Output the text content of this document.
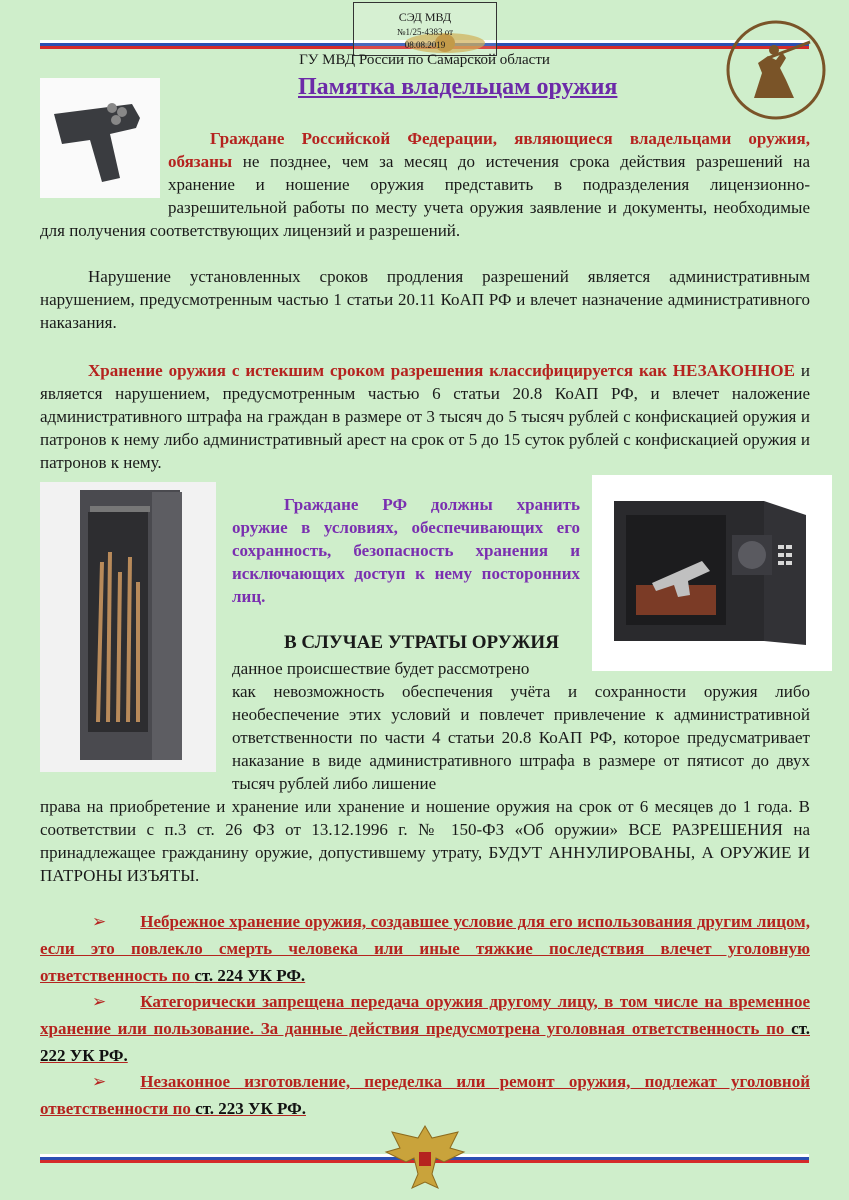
СЭД МВД
№1/25-4383 от
08.08.2019
ГУ МВД России по Самарской области
Памятка владельцам оружия
Граждане Российской Федерации, являющиеся владельцами оружия, обязаны не позднее, чем за месяц до истечения срока действия разрешений на хранение и ношение оружия представить в подразделения лицензионно-разрешительной работы по месту учета оружия заявление и документы, необходимые для получения соответствующих лицензий и разрешений.
Нарушение установленных сроков продления разрешений является административным нарушением, предусмотренным частью 1 статьи 20.11 КоАП РФ и влечет назначение административного наказания.
Хранение оружия с истекшим сроком разрешения классифицируется как НЕЗАКОННОЕ и является нарушением, предусмотренным частью 6 статьи 20.8 КоАП РФ, и влечет наложение административного штрафа на граждан в размере от 3 тысяч до 5 тысяч рублей с конфискацией оружия и патронов к нему либо административный арест на срок от 5 до 15 суток рублей с конфискацией оружия и патронов к нему.
Граждане РФ должны хранить оружие в условиях, обеспечивающих его сохранность, безопасность хранения и исключающих доступ к нему посторонних лиц.
В СЛУЧАЕ УТРАТЫ ОРУЖИЯ
данное происшествие будет рассмотрено
как невозможность обеспечения учёта и сохранности оружия либо необеспечение этих условий и повлечет привлечение к административной ответственности по части 4 статьи 20.8 КоАП РФ, которое предусматривает наказание в виде административного штрафа в размере от пятисот до двух тысяч рублей либо лишение
права на приобретение и хранение или хранение и ношение оружия на срок от 6 месяцев до 1 года. В соответствии с п.3 ст. 26 ФЗ от 13.12.1996 г. № 150-ФЗ «Об оружии» ВСЕ РАЗРЕШЕНИЯ на принадлежащее гражданину оружие, допустившему утрату, БУДУТ АННУЛИРОВАНЫ, А ОРУЖИЕ И ПАТРОНЫ ИЗЪЯТЫ.
➢ Небрежное хранение оружия, создавшее условие для его использования другим лицом, если это повлекло смерть человека или иные тяжкие последствия влечет уголовную ответственность по ст. 224 УК РФ.
➢ Категорически запрещена передача оружия другому лицу, в том числе на временное хранение или пользование. За данные действия предусмотрена уголовная ответственность по ст. 222 УК РФ.
➢ Незаконное изготовление, переделка или ремонт оружия, подлежат уголовной ответственности по ст. 223 УК РФ.
